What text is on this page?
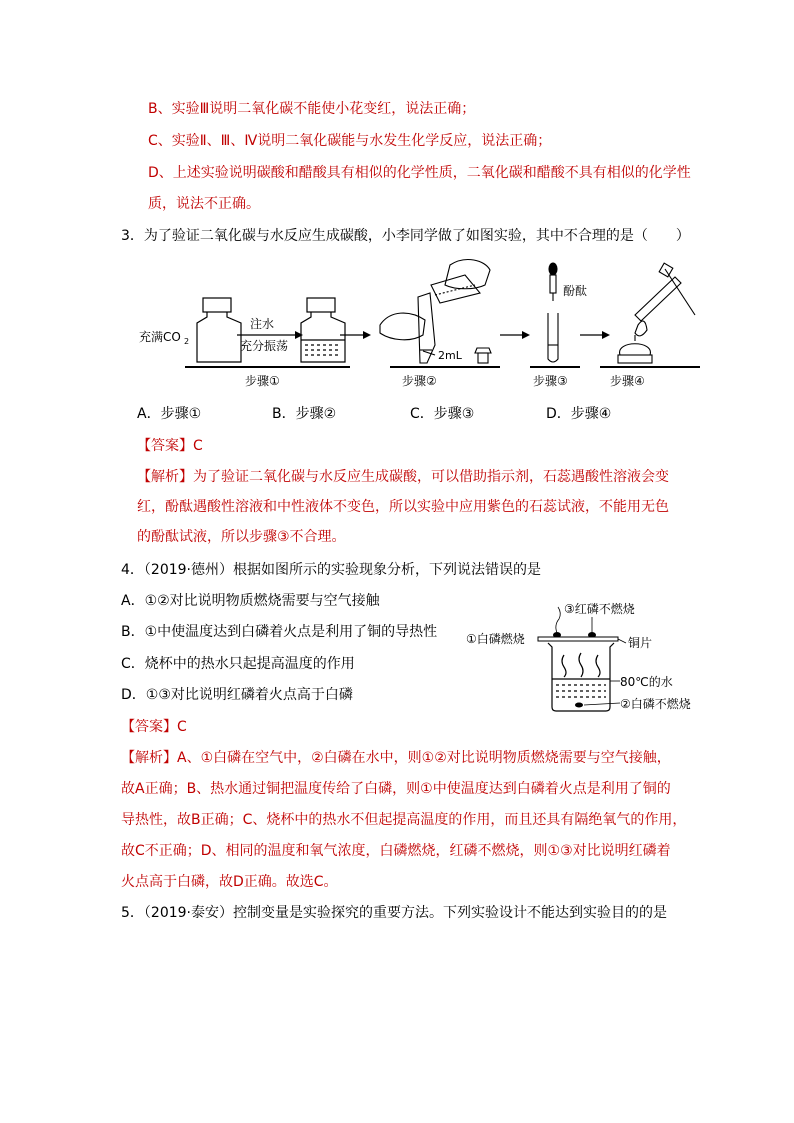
B、实验Ⅲ说明二氧化碳不能使小花变红，说法正确；
C、实验Ⅱ、Ⅲ、Ⅳ说明二氧化碳能与水发生化学反应，说法正确；
D、上述实验说明碳酸和醋酸具有相似的化学性质，二氧化碳和醋酸不具有相似的化学性
质，说法不正确。
3．为了验证二氧化碳与水反应生成碳酸，小李同学做了如图实验，其中不合理的是（　　）
充满CO 2
注水
充分振荡
步骤①
2mL
步骤②
酚酞
步骤③	步骤④
A．步骤①	B．步骤②	C．步骤③	D．步骤④
【答案】C
【解析】为了验证二氧化碳与水反应生成碳酸，可以借助指示剂，石蕊遇酸性溶液会变
红，酚酞遇酸性溶液和中性液体不变色，所以实验中应用紫色的石蕊试液，不能用无色
的酚酞试液，所以步骤③不合理。
4．（2019·德州）根据如图所示的实验现象分析，下列说法错误的是
A．①②对比说明物质燃烧需要与空气接触
B．①中使温度达到白磷着火点是利用了铜的导热性
C．烧杯中的热水只起提高温度的作用
D．①③对比说明红磷着火点高于白磷
③红磷不燃烧
①白磷燃烧	铜片
80℃的水
②白磷不燃烧
【答案】C
【解析】A、①白磷在空气中，②白磷在水中，则①②对比说明物质燃烧需要与空气接触，
故A正确；B、热水通过铜把温度传给了白磷，则①中使温度达到白磷着火点是利用了铜的
导热性，故B正确；C、烧杯中的热水不但起提高温度的作用，而且还具有隔绝氧气的作用，
故C不正确；D、相同的温度和氧气浓度，白磷燃烧，红磷不燃烧，则①③对比说明红磷着
火点高于白磷，故D正确。故选C。
5．（2019·泰安）控制变量是实验探究的重要方法。下列实验设计不能达到实验目的的是
